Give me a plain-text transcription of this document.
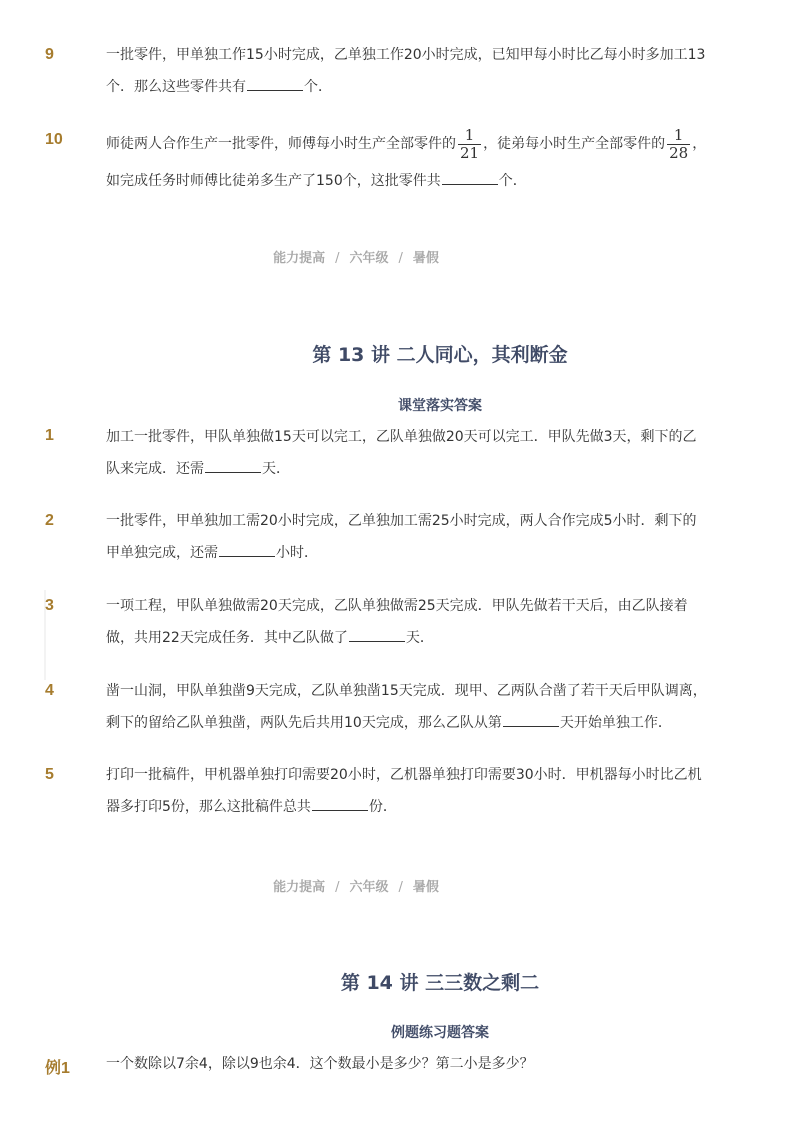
9	一批零件，甲单独工作15小时完成，乙单独工作20小时完成，已知甲每小时比乙每小时多加工13
个．那么这些零件共有	个．
10	师徒两人合作生产一批零件，师傅每小时生产全部零件的 $\frac{1}{21}$ ，徒弟每小时生产全部零件的 $\frac{1}{28}$ ，
如完成任务时师傅比徒弟多生产了150个，这批零件共	个．
能力提高 / 六年级 / 暑假
第 13 讲 二人同心，其利断金
课堂落实答案
1	加工一批零件，甲队单独做15天可以完工，乙队单独做20天可以完工．甲队先做3天，剩下的乙
队来完成．还需	天．
2	一批零件，甲单独加工需20小时完成，乙单独加工需25小时完成，两人合作完成5小时．剩下的
甲单独完成，还需	小时．
3	一项工程，甲队单独做需20天完成，乙队单独做需25天完成．甲队先做若干天后，由乙队接着
做，共用22天完成任务．其中乙队做了	天．
4	凿一山洞，甲队单独凿9天完成，乙队单独凿15天完成．现甲、乙两队合凿了若干天后甲队调离，
剩下的留给乙队单独凿，两队先后共用10天完成，那么乙队从第	天开始单独工作．
5	打印一批稿件，甲机器单独打印需要20小时，乙机器单独打印需要30小时．甲机器每小时比乙机
器多打印5份，那么这批稿件总共	份．
能力提高 / 六年级 / 暑假
第 14 讲 三三数之剩二
例题练习题答案
例1	一个数除以7余4，除以9也余4．这个数最小是多少？第二小是多少？
